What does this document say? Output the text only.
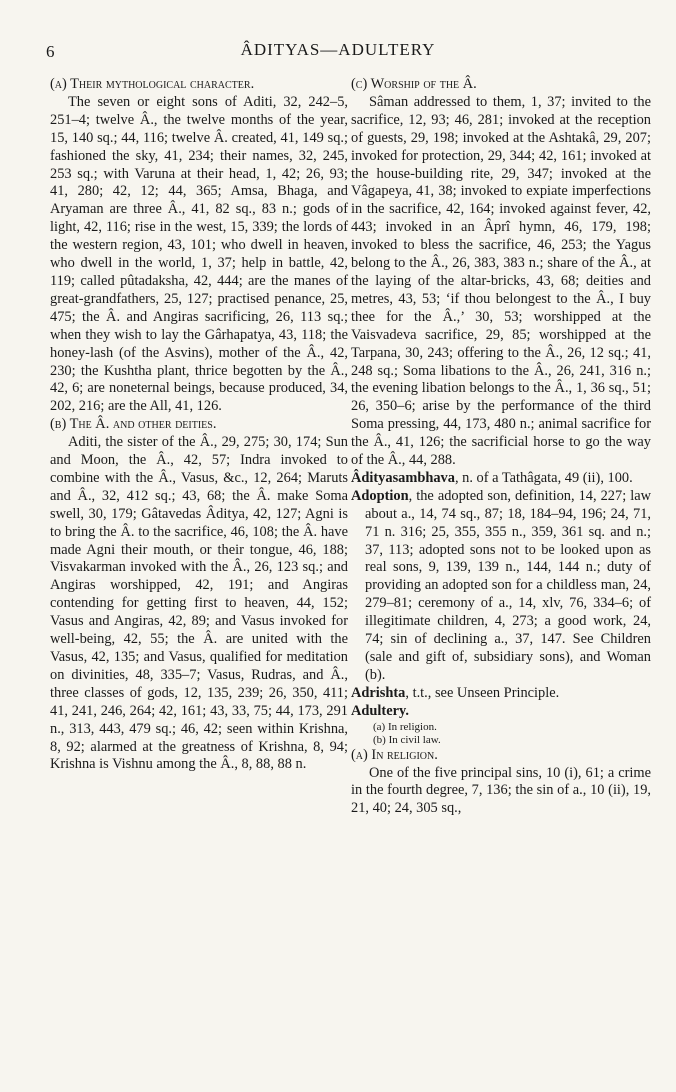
6	ÂDITYAS—ADULTERY

(a) Their mythological character.

The seven or eight sons of Aditi, 32, 242–5, 251–4; twelve Â., the twelve months of the year, 15, 140 sq.; 44, 116; twelve Â. created, 41, 149 sq.; fashioned the sky, 41, 234; their names, 32, 245, 253 sq.; with Varuna at their head, 1, 42; 26, 93; 41, 280; 42, 12; 44, 365; Amsa, Bhaga, and Aryaman are three Â., 41, 82 sq., 83 n.; gods of light, 42, 116; rise in the west, 15, 339; the lords of the western region, 43, 101; who dwell in heaven, who dwell in the world, 1, 37; help in battle, 42, 119; called pûtadaksha, 42, 444; are the manes of great-grandfathers, 25, 127; practised penance, 25, 475; the Â. and Angiras sacrificing, 26, 113 sq.; when they wish to lay the Gârhapatya, 43, 118; the honey-lash (of the Asvins), mother of the Â., 42, 230; the Kushtha plant, thrice begotten by the Â., 42, 6; are noneternal beings, because produced, 34, 202, 216; are the All, 41, 126.

(b) The Â. and other deities.

Aditi, the sister of the Â., 29, 275; 30, 174; Sun and Moon, the Â., 42, 57; Indra invoked to combine with the Â., Vasus, &c., 12, 264; Maruts and Â., 32, 412 sq.; 43, 68; the Â. make Soma swell, 30, 179; Gâtavedas Âditya, 42, 127; Agni is to bring the Â. to the sacrifice, 46, 108; the Â. have made Agni their mouth, or their tongue, 46, 188; Visvakarman invoked with the Â., 26, 123 sq.; and Angiras worshipped, 42, 191; and Angiras contending for getting first to heaven, 44, 152; Vasus and Angiras, 42, 89; and Vasus invoked for well-being, 42, 55; the Â. are united with the Vasus, 42, 135; and Vasus, qualified for meditation on divinities, 48, 335–7; Vasus, Rudras, and Â., three classes of gods, 12, 135, 239; 26, 350, 411; 41, 241, 246, 264; 42, 161; 43, 33, 75; 44, 173, 291 n., 313, 443, 479 sq.; 46, 42; seen within Krishna, 8, 92; alarmed at the greatness of Krishna, 8, 94; Krishna is Vishnu among the Â., 8, 88, 88 n.

(c) Worship of the Â.

Sâman addressed to them, 1, 37; invited to the sacrifice, 12, 93; 46, 281; invoked at the reception of guests, 29, 198; invoked at the Ashtakâ, 29, 207; invoked for protection, 29, 344; 42, 161; invoked at the house-building rite, 29, 347; invoked at the Vâgapeya, 41, 38; invoked to expiate imperfections in the sacrifice, 42, 164; invoked against fever, 42, 443; invoked in an Âprî hymn, 46, 179, 198; invoked to bless the sacrifice, 46, 253; the Yagus belong to the Â., 26, 383, 383 n.; share of the Â., at the laying of the altar-bricks, 43, 68; deities and metres, 43, 53; ‘if thou belongest to the Â., I buy thee for the Â.,’ 30, 53; worshipped at the Vaisvadeva sacrifice, 29, 85; worshipped at the Tarpana, 30, 243; offering to the Â., 26, 12 sq.; 41, 248 sq.; Soma libations to the Â., 26, 241, 316 n.; the evening libation belongs to the Â., 1, 36 sq., 51; 26, 350–6; arise by the performance of the third Soma pressing, 44, 173, 480 n.; animal sacrifice for the Â., 41, 126; the sacrificial horse to go the way of the Â., 44, 288.

Âdityasambhava, n. of a Tathâgata, 49 (ii), 100.

Adoption, the adopted son, definition, 14, 227; law about a., 14, 74 sq., 87; 18, 184–94, 196; 24, 71, 71 n. 316; 25, 355, 355 n., 359, 361 sq. and n.; 37, 113; adopted sons not to be looked upon as real sons, 9, 139, 139 n., 144, 144 n.; duty of providing an adopted son for a childless man, 24, 279–81; ceremony of a., 14, xlv, 76, 334–6; of illegitimate children, 4, 273; a good work, 24, 74; sin of declining a., 37, 147. See Children (sale and gift of, subsidiary sons), and Woman (b).

Adrishta, t.t., see Unseen Principle.

Adultery.

(a) In religion.

(b) In civil law.

(a) In religion.

One of the five principal sins, 10 (i), 61; a crime in the fourth degree, 7, 136; the sin of a., 10 (ii), 19, 21, 40; 24, 305 sq.,
